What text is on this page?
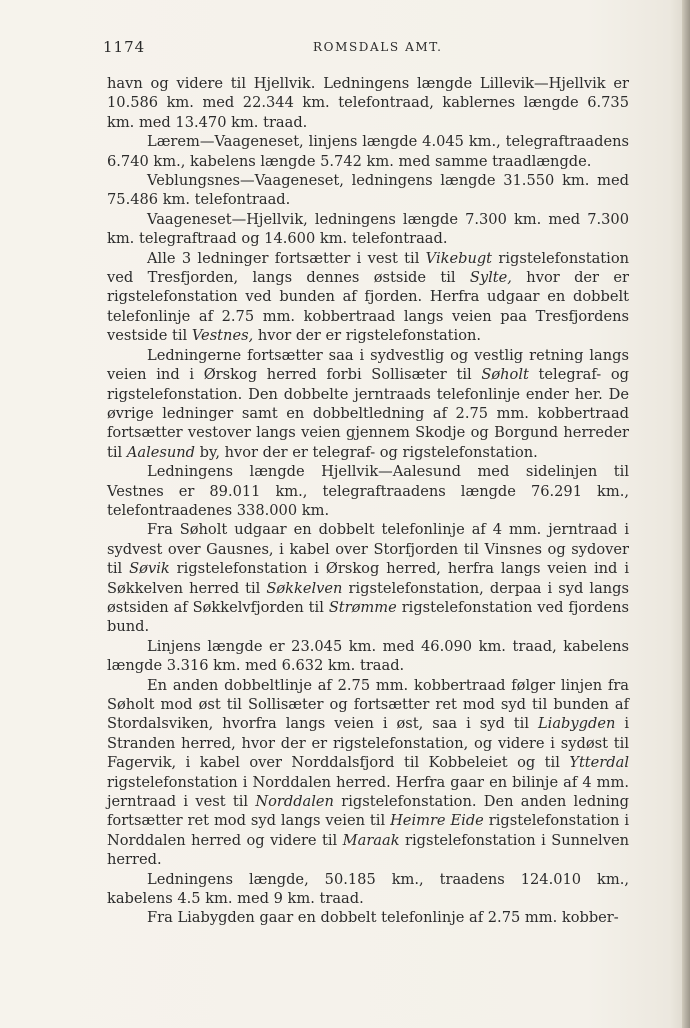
1174	ROMSDALS AMT.

havn og videre til Hjellvik. Ledningens længde Lillevik—Hjellvik er 10.586 km. med 22.344 km. telefontraad, kablernes længde 6.735 km. med 13.470 km. traad.

Lærem—Vaageneset, linjens længde 4.045 km., telegraftraadens 6.740 km., kabelens længde 5.742 km. med samme traadlængde.

Veblungsnes—Vaageneset, ledningens længde 31.550 km. med 75.486 km. telefontraad.

Vaageneset—Hjellvik, ledningens længde 7.300 km. med 7.300 km. telegraftraad og 14.600 km. telefontraad.

Alle 3 ledninger fortsætter i vest til Vikebugt rigstelefonstation ved Tresfjorden, langs dennes østside til Sylte, hvor der er rigstelefonstation ved bunden af fjorden. Herfra udgaar en dobbelt telefonlinje af 2.75 mm. kobbertraad langs veien paa Tresfjordens vestside til Vestnes, hvor der er rigstelefonstation.

Ledningerne fortsætter saa i sydvestlig og vestlig retning langs veien ind i Ørskog herred forbi Sollisæter til Søholt telegraf- og rigstelefonstation. Den dobbelte jerntraads telefonlinje ender her. De øvrige ledninger samt en dobbeltledning af 2.75 mm. kobbertraad fortsætter vestover langs veien gjennem Skodje og Borgund herreder til Aalesund by, hvor der er telegraf- og rigstelefonstation.

Ledningens længde Hjellvik—Aalesund med sidelinjen til Vestnes er 89.011 km., telegraftraadens længde 76.291 km., telefontraadenes 338.000 km.

Fra Søholt udgaar en dobbelt telefonlinje af 4 mm. jerntraad i sydvest over Gausnes, i kabel over Storfjorden til Vinsnes og sydover til Søvik rigstelefonstation i Ørskog herred, herfra langs veien ind i Søkkelven herred til Søkkelven rigstelefonstation, derpaa i syd langs østsiden af Søkkelvfjorden til Strømme rigstelefonstation ved fjordens bund.

Linjens længde er 23.045 km. med 46.090 km. traad, kabelens længde 3.316 km. med 6.632 km. traad.

En anden dobbeltlinje af 2.75 mm. kobbertraad følger linjen fra Søholt mod øst til Sollisæter og fortsætter ret mod syd til bunden af Stordalsviken, hvorfra langs veien i øst, saa i syd til Liabygden i Stranden herred, hvor der er rigstelefonstation, og videre i sydøst til Fagervik, i kabel over Norddalsfjord til Kobbeleiet og til Ytterdal rigstelefonstation i Norddalen herred. Herfra gaar en bilinje af 4 mm. jerntraad i vest til Norddalen rigstelefonstation. Den anden ledning fortsætter ret mod syd langs veien til Heimre Eide rigstelefonstation i Norddalen herred og videre til Maraak rigstelefonstation i Sunnelven herred.

Ledningens længde, 50.185 km., traadens 124.010 km., kabelens 4.5 km. med 9 km. traad.

Fra Liabygden gaar en dobbelt telefonlinje af 2.75 mm. kobber-
